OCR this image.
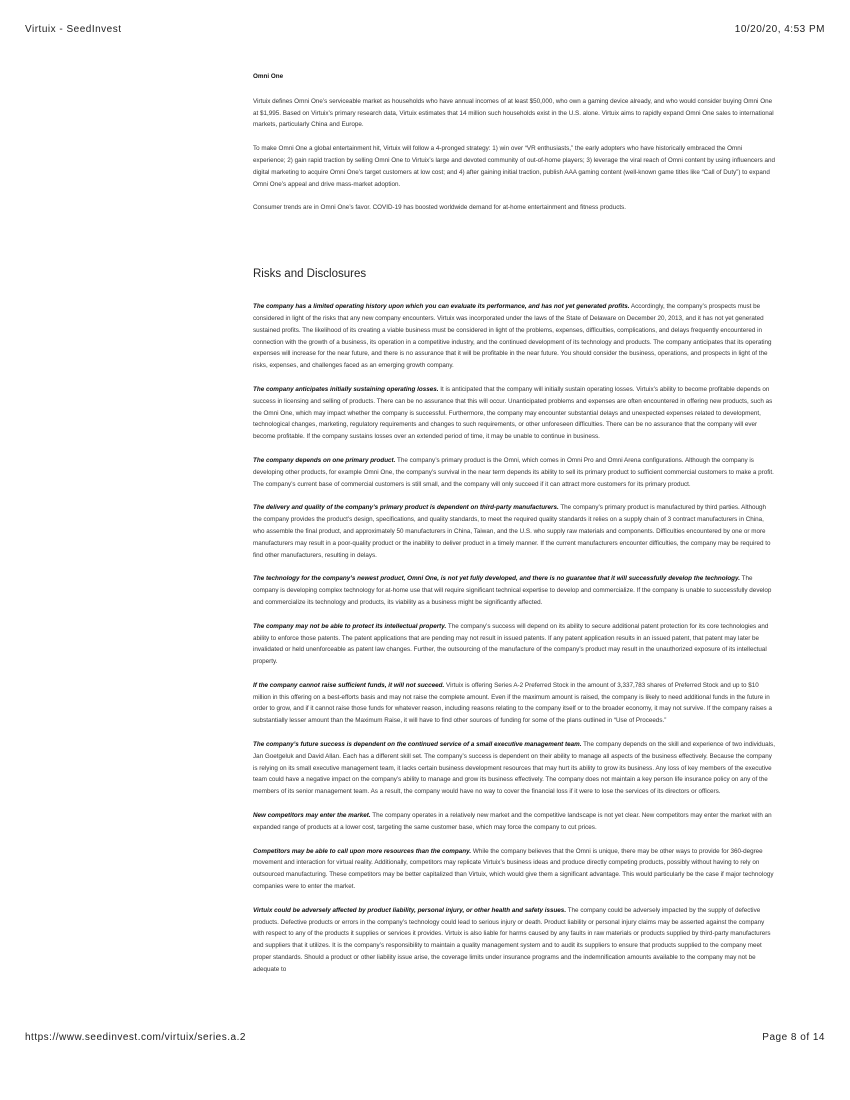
Virtuix - SeedInvest	10/20/20, 4:53 PM

Omni One

Virtuix defines Omni One’s serviceable market as households who have annual incomes of at least $50,000, who own a gaming device already, and who would consider buying Omni One at $1,995. Based on Virtuix’s primary research data, Virtuix estimates that 14 million such households exist in the U.S. alone. Virtuix aims to rapidly expand Omni One sales to international markets, particularly China and Europe.

To make Omni One a global entertainment hit, Virtuix will follow a 4-pronged strategy: 1) win over “VR enthusiasts,” the early adopters who have historically embraced the Omni experience; 2) gain rapid traction by selling Omni One to Virtuix’s large and devoted community of out-of-home players; 3) leverage the viral reach of Omni content by using influencers and digital marketing to acquire Omni One’s target customers at low cost; and 4) after gaining initial traction, publish AAA gaming content (well-known game titles like “Call of Duty”) to expand Omni One’s appeal and drive mass-market adoption.

Consumer trends are in Omni One’s favor. COVID-19 has boosted worldwide demand for at-home entertainment and fitness products.

Risks and Disclosures

The company has a limited operating history upon which you can evaluate its performance, and has not yet generated profits. Accordingly, the company’s prospects must be considered in light of the risks that any new company encounters. Virtuix was incorporated under the laws of the State of Delaware on December 20, 2013, and it has not yet generated sustained profits. The likelihood of its creating a viable business must be considered in light of the problems, expenses, difficulties, complications, and delays frequently encountered in connection with the growth of a business, its operation in a competitive industry, and the continued development of its technology and products. The company anticipates that its operating expenses will increase for the near future, and there is no assurance that it will be profitable in the near future. You should consider the business, operations, and prospects in light of the risks, expenses, and challenges faced as an emerging growth company.

The company anticipates initially sustaining operating losses. It is anticipated that the company will initially sustain operating losses. Virtuix’s ability to become profitable depends on success in licensing and selling of products. There can be no assurance that this will occur. Unanticipated problems and expenses are often encountered in offering new products, such as the Omni One, which may impact whether the company is successful. Furthermore, the company may encounter substantial delays and unexpected expenses related to development, technological changes, marketing, regulatory requirements and changes to such requirements, or other unforeseen difficulties. There can be no assurance that the company will ever become profitable. If the company sustains losses over an extended period of time, it may be unable to continue in business.

The company depends on one primary product. The company’s primary product is the Omni, which comes in Omni Pro and Omni Arena configurations. Although the company is developing other products, for example Omni One, the company’s survival in the near term depends its ability to sell its primary product to sufficient commercial customers to make a profit. The company’s current base of commercial customers is still small, and the company will only succeed if it can attract more customers for its primary product.

The delivery and quality of the company’s primary product is dependent on third-party manufacturers. The company’s primary product is manufactured by third parties. Although the company provides the product’s design, specifications, and quality standards, to meet the required quality standards it relies on a supply chain of 3 contract manufacturers in China, who assemble the final product, and approximately 50 manufacturers in China, Taiwan, and the U.S. who supply raw materials and components. Difficulties encountered by one or more manufacturers may result in a poor-quality product or the inability to deliver product in a timely manner. If the current manufacturers encounter difficulties, the company may be required to find other manufacturers, resulting in delays.

The technology for the company’s newest product, Omni One, is not yet fully developed, and there is no guarantee that it will successfully develop the technology. The company is developing complex technology for at-home use that will require significant technical expertise to develop and commercialize. If the company is unable to successfully develop and commercialize its technology and products, its viability as a business might be significantly affected.

The company may not be able to protect its intellectual property. The company’s success will depend on its ability to secure additional patent protection for its core technologies and ability to enforce those patents. The patent applications that are pending may not result in issued patents. If any patent application results in an issued patent, that patent may later be invalidated or held unenforceable as patent law changes. Further, the outsourcing of the manufacture of the company’s product may result in the unauthorized exposure of its intellectual property.

If the company cannot raise sufficient funds, it will not succeed. Virtuix is offering Series A-2 Preferred Stock in the amount of 3,337,783 shares of Preferred Stock and up to $10 million in this offering on a best-efforts basis and may not raise the complete amount. Even if the maximum amount is raised, the company is likely to need additional funds in the future in order to grow, and if it cannot raise those funds for whatever reason, including reasons relating to the company itself or to the broader economy, it may not survive. If the company raises a substantially lesser amount than the Maximum Raise, it will have to find other sources of funding for some of the plans outlined in “Use of Proceeds.”

The company’s future success is dependent on the continued service of a small executive management team. The company depends on the skill and experience of two individuals, Jan Goetgeluk and David Allan. Each has a different skill set. The company’s success is dependent on their ability to manage all aspects of the business effectively. Because the company is relying on its small executive management team, it lacks certain business development resources that may hurt its ability to grow its business. Any loss of key members of the executive team could have a negative impact on the company’s ability to manage and grow its business effectively. The company does not maintain a key person life insurance policy on any of the members of its senior management team. As a result, the company would have no way to cover the financial loss if it were to lose the services of its directors or officers.

New competitors may enter the market. The company operates in a relatively new market and the competitive landscape is not yet clear. New competitors may enter the market with an expanded range of products at a lower cost, targeting the same customer base, which may force the company to cut prices.

Competitors may be able to call upon more resources than the company. While the company believes that the Omni is unique, there may be other ways to provide for 360-degree movement and interaction for virtual reality. Additionally, competitors may replicate Virtuix’s business ideas and produce directly competing products, possibly without having to rely on outsourced manufacturing. These competitors may be better capitalized than Virtuix, which would give them a significant advantage. This would particularly be the case if major technology companies were to enter the market.

Virtuix could be adversely affected by product liability, personal injury, or other health and safety issues. The company could be adversely impacted by the supply of defective products. Defective products or errors in the company’s technology could lead to serious injury or death. Product liability or personal injury claims may be asserted against the company with respect to any of the products it supplies or services it provides. Virtuix is also liable for harms caused by any faults in raw materials or products supplied by third-party manufacturers and suppliers that it utilizes. It is the company’s responsibility to maintain a quality management system and to audit its suppliers to ensure that products supplied to the company meet proper standards. Should a product or other liability issue arise, the coverage limits under insurance programs and the indemnification amounts available to the company may not be adequate to

https://www.seedinvest.com/virtuix/series.a.2	Page 8 of 14
